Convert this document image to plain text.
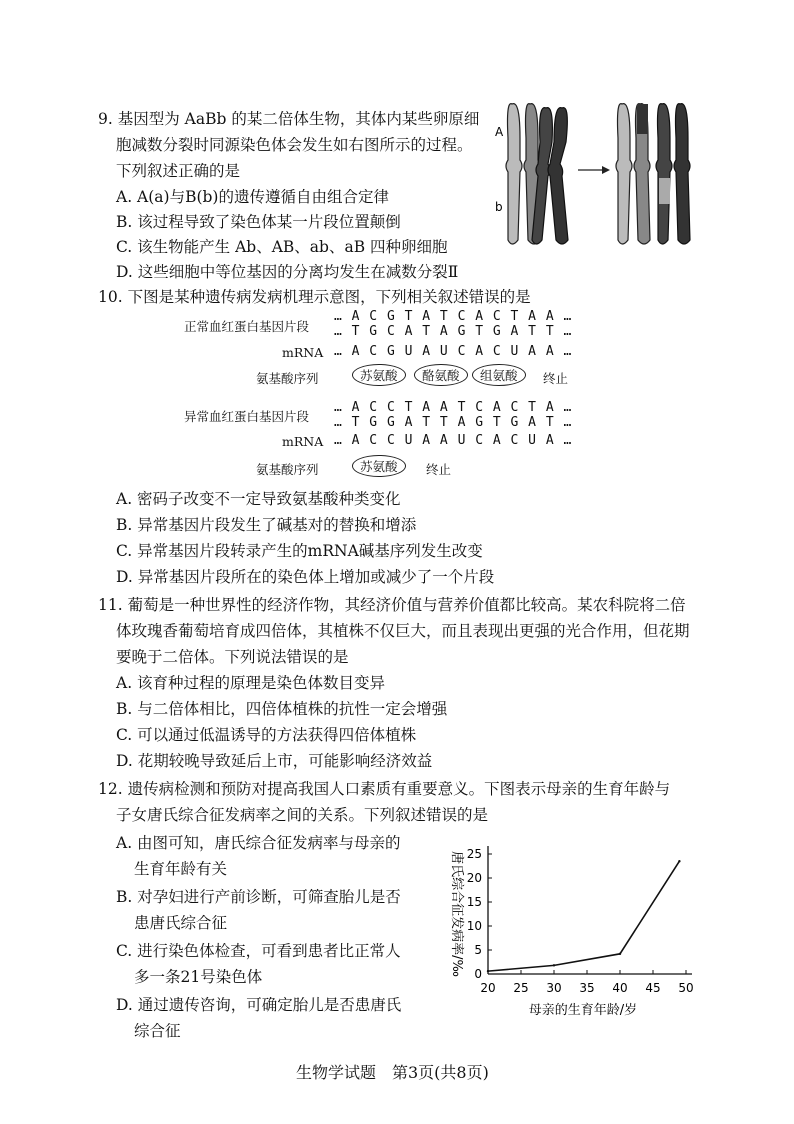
9. 基因型为 AaBb 的某二倍体生物，其体内某些卵原细
胞减数分裂时同源染色体会发生如右图所示的过程。
下列叙述正确的是
A. A(a)与B(b)的遗传遵循自由组合定律
B. 该过程导致了染色体某一片段位置颠倒
C. 该生物能产生 Ab、AB、ab、aB 四种卵细胞
D. 这些细胞中等位基因的分离均发生在减数分裂Ⅱ
A
b
10. 下图是某种遗传病发病机理示意图，下列相关叙述错误的是
正常血红蛋白基因片段
… A C G T A T C A C T A A …
… T G C A T A G T G A T T …
mRNA … A C G U A U C A C U A A …
氨基酸序列	苏氨酸	酪氨酸	组氨酸	终止
异常血红蛋白基因片段
… A C C T A A T C A C T A …
… T G G A T T A G T G A T …
mRNA … A C C U A A U C A C U A …
氨基酸序列	苏氨酸	终止
A. 密码子改变不一定导致氨基酸种类变化
B. 异常基因片段发生了碱基对的替换和增添
C. 异常基因片段转录产生的mRNA碱基序列发生改变
D. 异常基因片段所在的染色体上增加或减少了一个片段
11. 葡萄是一种世界性的经济作物，其经济价值与营养价值都比较高。某农科院将二倍
体玫瑰香葡萄培育成四倍体，其植株不仅巨大，而且表现出更强的光合作用，但花期
要晚于二倍体。下列说法错误的是
A. 该育种过程的原理是染色体数目变异
B. 与二倍体相比，四倍体植株的抗性一定会增强
C. 可以通过低温诱导的方法获得四倍体植株
D. 花期较晚导致延后上市，可能影响经济效益
12. 遗传病检测和预防对提高我国人口素质有重要意义。下图表示母亲的生育年龄与
子女唐氏综合征发病率之间的关系。下列叙述错误的是
A. 由图可知，唐氏综合征发病率与母亲的
生育年龄有关
B. 对孕妇进行产前诊断，可筛查胎儿是否
患唐氏综合征
C. 进行染色体检查，可看到患者比正常人
多一条21号染色体
D. 通过遗传咨询，可确定胎儿是否患唐氏
综合征
20 25 30 35 40 45 50
0
5
10
15
20
25
母亲的生育年龄/岁
唐氏综合征发病率/‰
生物学试题　第3页(共8页)
